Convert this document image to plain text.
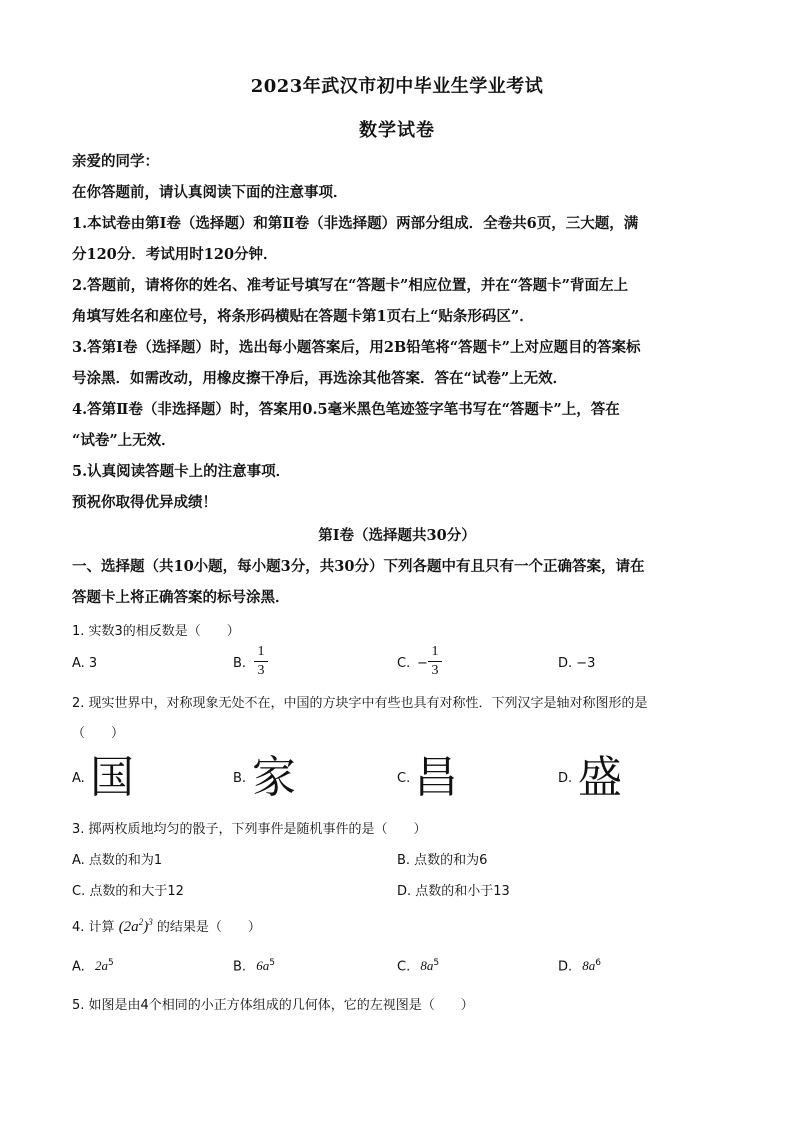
2023年武汉市初中毕业生学业考试
数学试卷
亲爱的同学：
在你答题前，请认真阅读下面的注意事项．
1.本试卷由第Ⅰ卷（选择题）和第Ⅱ卷（非选择题）两部分组成．全卷共6页，三大题，满
分120分．考试用时120分钟．
2.答题前，请将你的姓名、准考证号填写在“答题卡”相应位置，并在“答题卡”背面左上
角填写姓名和座位号，将条形码横贴在答题卡第1页右上“贴条形码区”．
3.答第Ⅰ卷（选择题）时，选出每小题答案后，用2B铅笔将“答题卡”上对应题目的答案标
号涂黑．如需改动，用橡皮擦干净后，再选涂其他答案．答在“试卷”上无效．
4.答第Ⅱ卷（非选择题）时，答案用0.5毫米黑色笔迹签字笔书写在“答题卡”上，答在
“试卷”上无效．
5.认真阅读答题卡上的注意事项．
预祝你取得优异成绩！
第Ⅰ卷（选择题共30分）
一、选择题（共10小题，每小题3分，共30分）下列各题中有且只有一个正确答案，请在
答题卡上将正确答案的标号涂黑．
1. 实数3的相反数是（　　）
A. 3	B.
1
3	C. −
1
3	D. −3
2. 现实世界中，对称现象无处不在，中国的方块字中有些也具有对称性．下列汉字是轴对称图形的是
（　　）
A. 国	B. 家	C. 昌	D. 盛
3. 掷两枚质地均匀的骰子，下列事件是随机事件的是（　　）
A. 点数的和为1	B. 点数的和为6
C. 点数的和大于12	D. 点数的和小于13
4. 计算 $(2a^2)^3$ 的结果是（　　）
A. $2a^5$	B. $6a^5$	C. $8a^5$	D. $8a^6$
5. 如图是由4个相同的小正方体组成的几何体，它的左视图是（　　）
